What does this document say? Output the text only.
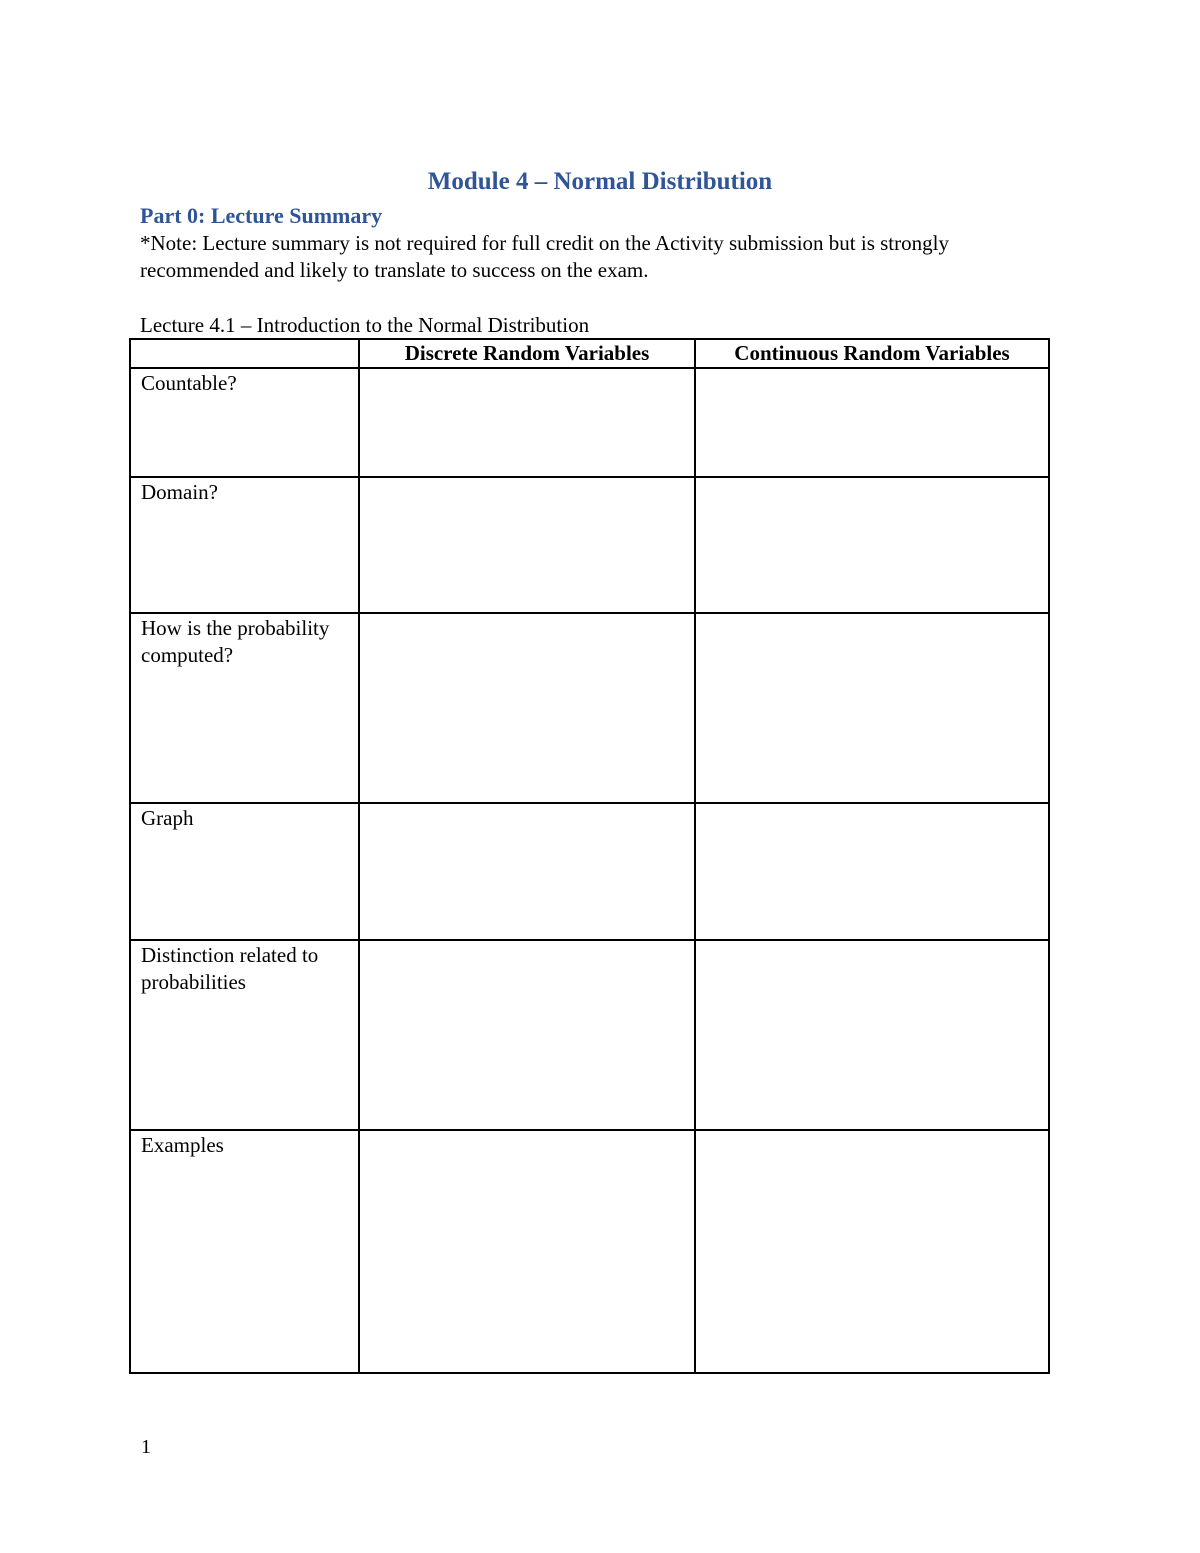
Module 4 – Normal Distribution
Part 0: Lecture Summary
*Note: Lecture summary is not required for full credit on the Activity submission but is strongly recommended and likely to translate to success on the exam.
Lecture 4.1 – Introduction to the Normal Distribution
	Discrete Random Variables	Continuous Random Variables
Countable?		
Domain?		
How is the probability computed?		
Graph		
Distinction related to probabilities		
Examples		
1
